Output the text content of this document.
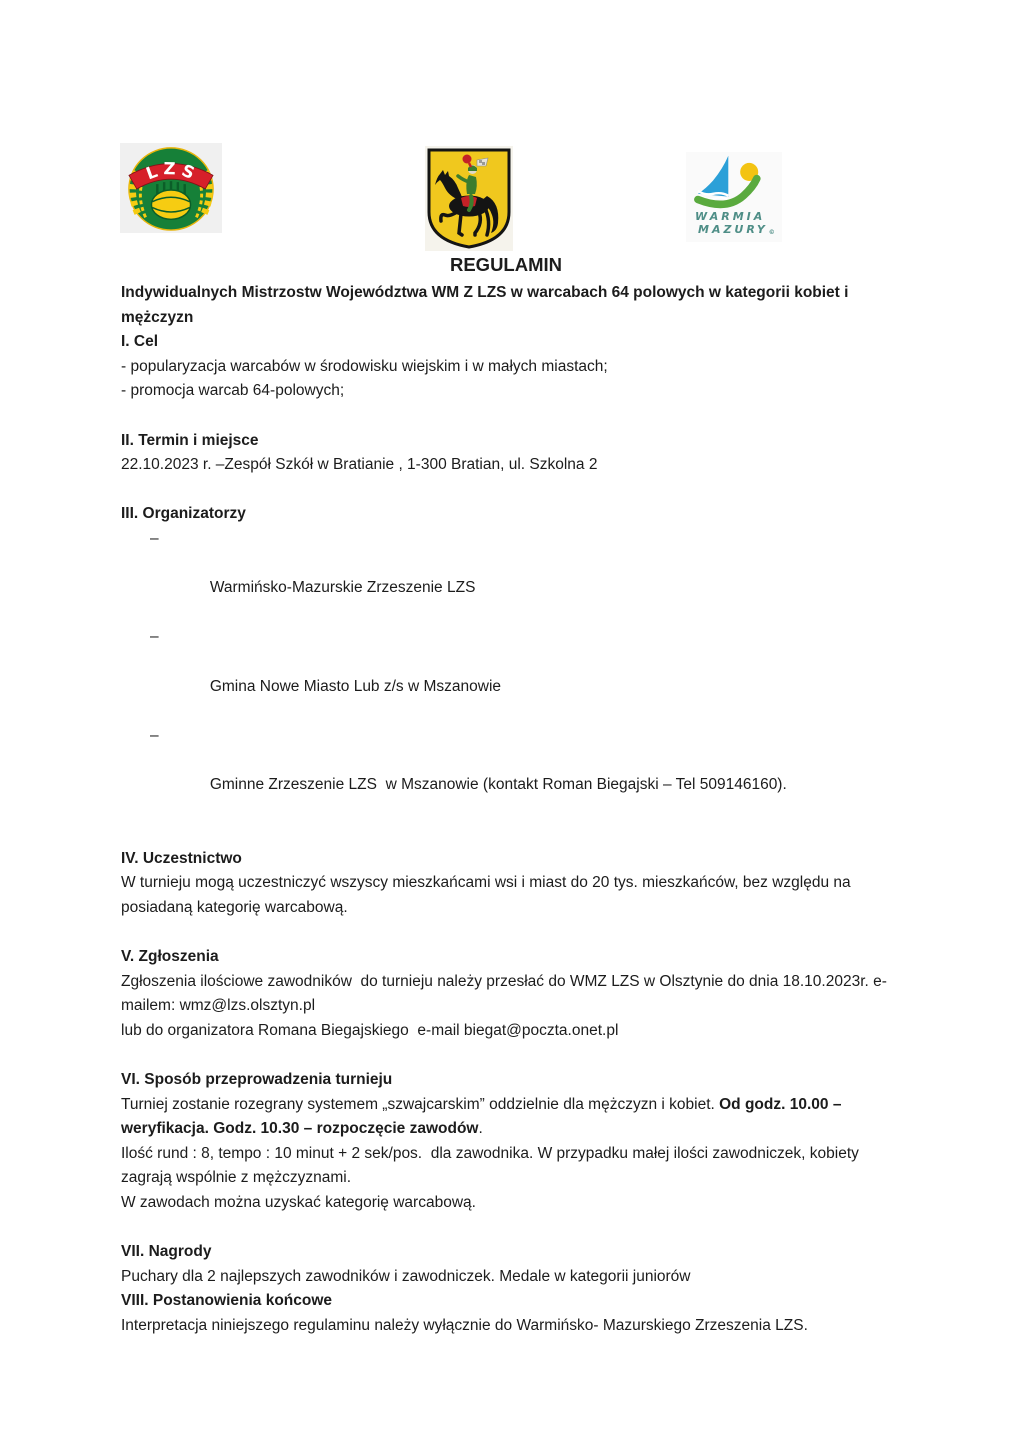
LZS
WARMIA
MAZURY©
REGULAMIN

Indywidualnych Mistrzostw Województwa WM Z LZS w warcabach 64 polowych w kategorii kobiet i mężczyzn

I. Cel

- popularyzacja warcabów w środowisku wiejskim i w małych miastach;

- promocja warcab 64-polowych;

II. Termin i miejsce

22.10.2023 r. –Zespół Szkół w Bratianie , 1-300 Bratian, ul. Szkolna 2

III. Organizatorzy

–

Warmińsko-Mazurskie Zrzeszenie LZS

–

Gmina Nowe Miasto Lub z/s w Mszanowie

–

Gminne Zrzeszenie LZS  w Mszanowie (kontakt Roman Biegajski – Tel 509146160).

IV. Uczestnictwo

W turnieju mogą uczestniczyć wszyscy mieszkańcami wsi i miast do 20 tys. mieszkańców, bez względu na posiadaną kategorię warcabową.

V. Zgłoszenia

Zgłoszenia ilościowe zawodników  do turnieju należy przesłać do WMZ LZS w Olsztynie do dnia 18.10.2023r. e-mailem: wmz@lzs.olsztyn.pl

lub do organizatora Romana Biegajskiego  e-mail biegat@poczta.onet.pl

VI. Sposób przeprowadzenia turnieju

Turniej zostanie rozegrany systemem „szwajcarskim” oddzielnie dla mężczyzn i kobiet. Od godz. 10.00 – weryfikacja. Godz. 10.30 – rozpoczęcie zawodów.

Ilość rund : 8, tempo : 10 minut + 2 sek/pos.  dla zawodnika. W przypadku małej ilości zawodniczek, kobiety zagrają wspólnie z mężczyznami.

W zawodach można uzyskać kategorię warcabową.

VII. Nagrody

Puchary dla 2 najlepszych zawodników i zawodniczek. Medale w kategorii juniorów

VIII. Postanowienia końcowe

Interpretacja niniejszego regulaminu należy wyłącznie do Warmińsko- Mazurskiego Zrzeszenia LZS.
